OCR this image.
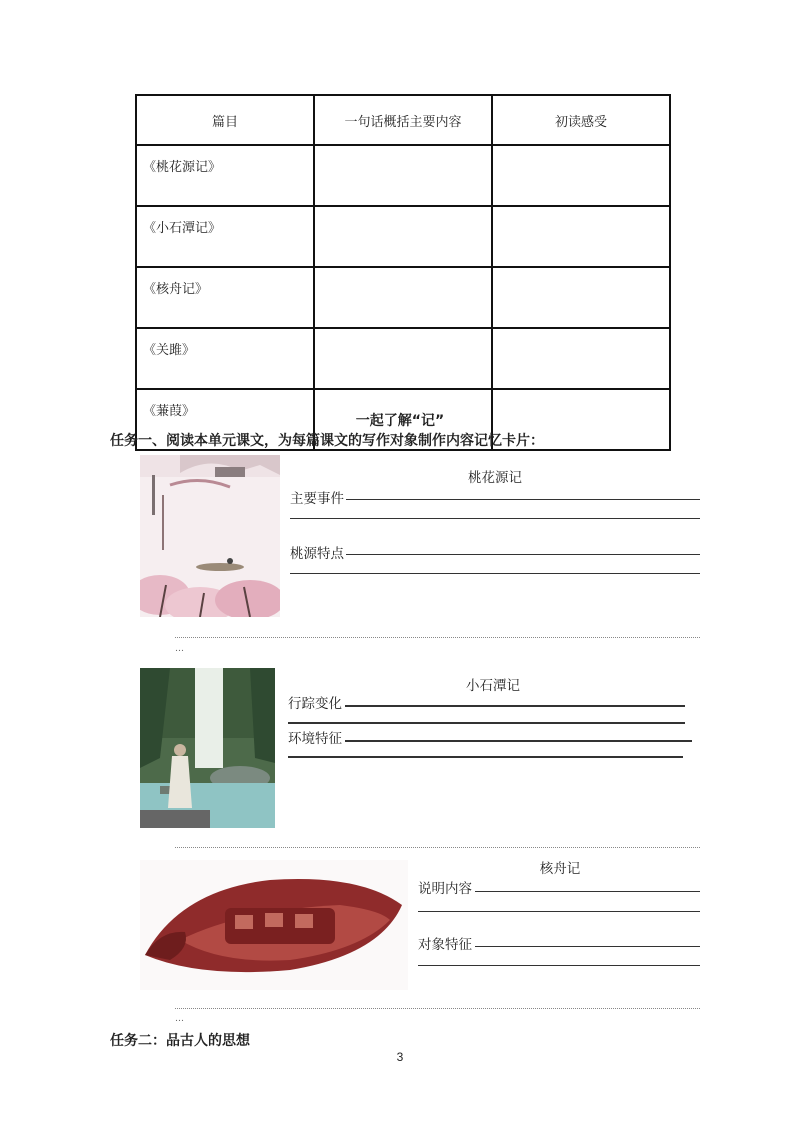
篇目	一句话概括主要内容	初读感受
《桃花源记》		
《小石潭记》		
《核舟记》		
《关雎》		
《蒹葭》		
一起了解“记”
任务一、阅读本单元课文，为每篇课文的写作对象制作内容记忆卡片：
桃花源记
主要事件
桃源特点
…
小石潭记
行踪变化
环境特征
核舟记
说明内容
对象特征
…
任务二：品古人的思想
3
